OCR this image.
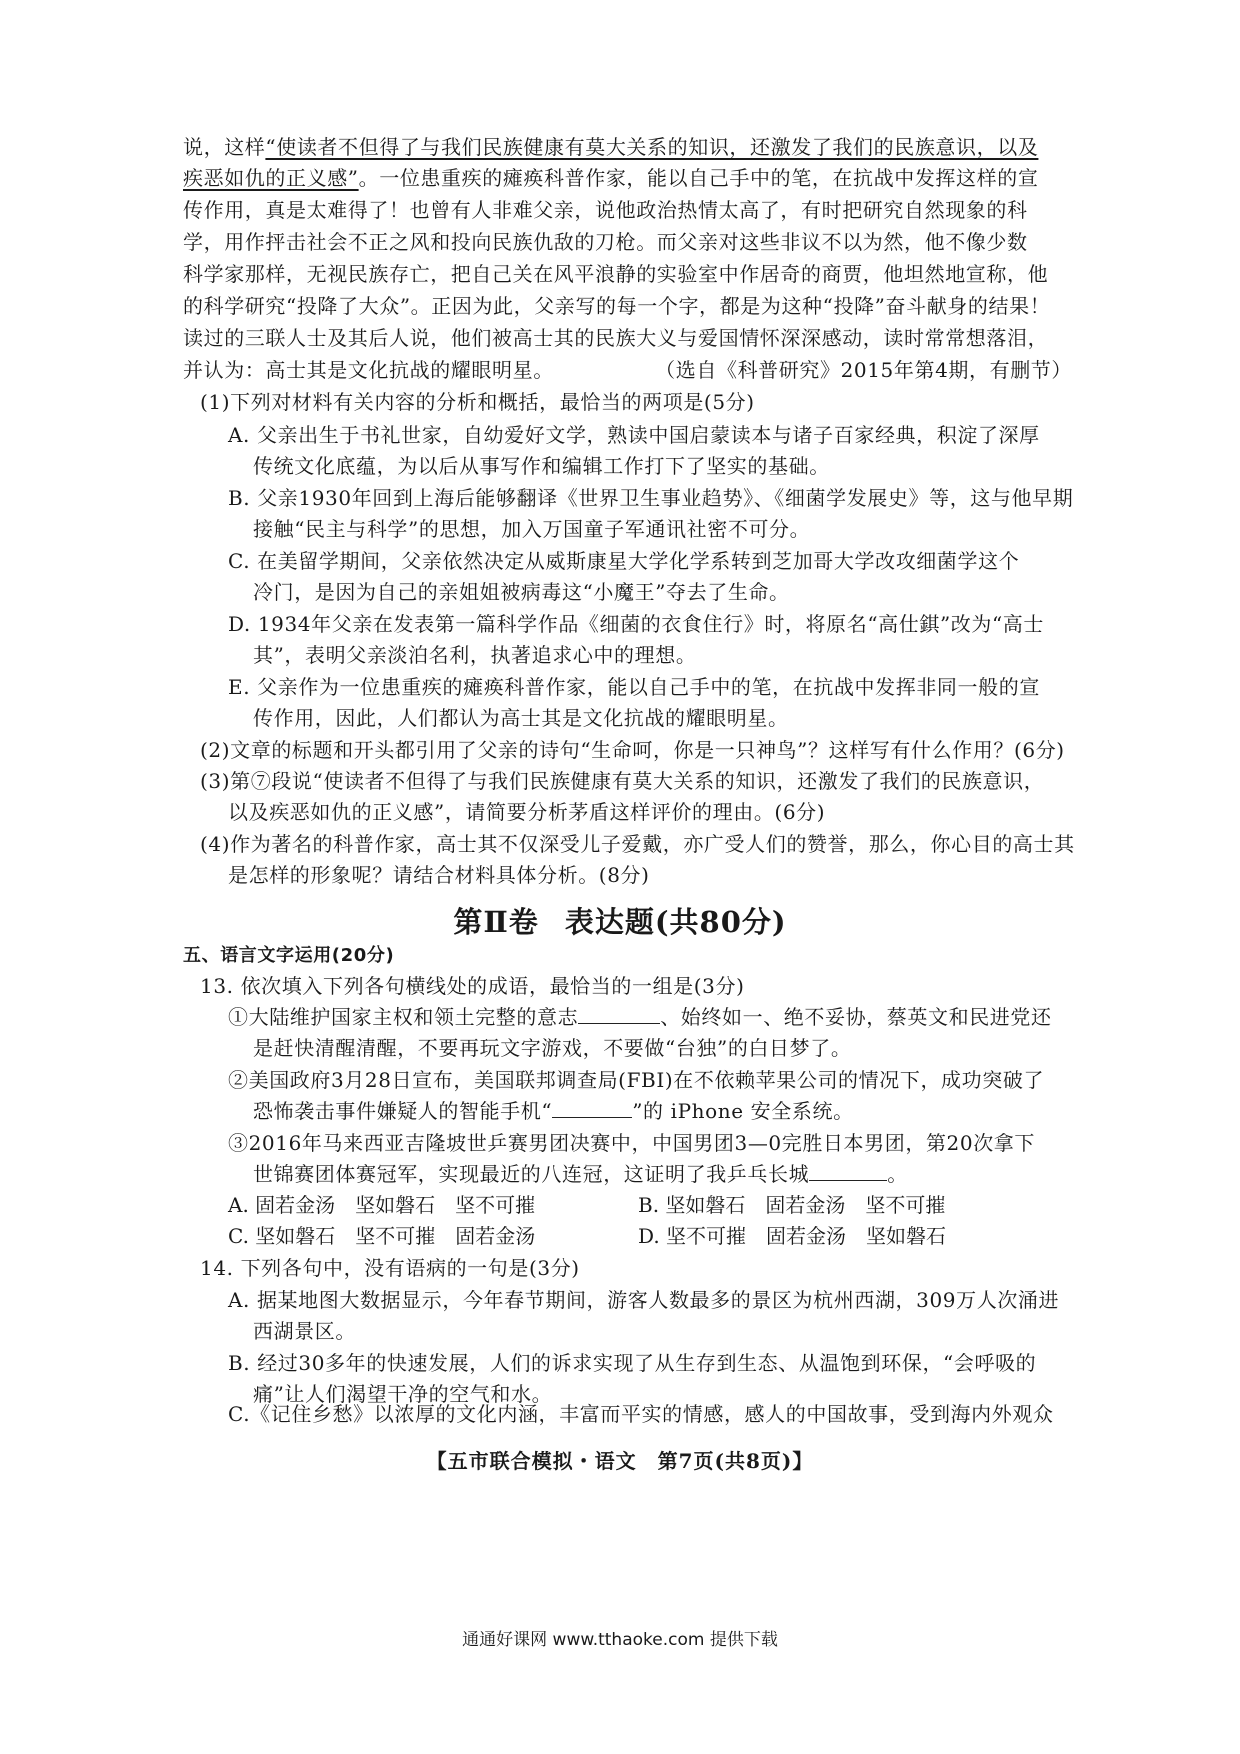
说，这样“使读者不但得了与我们民族健康有莫大关系的知识，还激发了我们的民族意识，以及
疾恶如仇的正义感”。一位患重疾的瘫痪科普作家，能以自己手中的笔，在抗战中发挥这样的宣
传作用，真是太难得了！也曾有人非难父亲，说他政治热情太高了，有时把研究自然现象的科
学，用作抨击社会不正之风和投向民族仇敌的刀枪。而父亲对这些非议不以为然，他不像少数
科学家那样，无视民族存亡，把自己关在风平浪静的实验室中作居奇的商贾，他坦然地宣称，他
的科学研究“投降了大众”。正因为此，父亲写的每一个字，都是为这种“投降”奋斗献身的结果！
读过的三联人士及其后人说，他们被高士其的民族大义与爱国情怀深深感动，读时常常想落泪，
并认为：高士其是文化抗战的耀眼明星。	（选自《科普研究》2015年第4期，有删节）
(1)下列对材料有关内容的分析和概括，最恰当的两项是(5分)
A. 父亲出生于书礼世家，自幼爱好文学，熟读中国启蒙读本与诸子百家经典，积淀了深厚
传统文化底蕴，为以后从事写作和编辑工作打下了坚实的基础。
B. 父亲1930年回到上海后能够翻译《世界卫生事业趋势》、《细菌学发展史》等，这与他早期
接触“民主与科学”的思想，加入万国童子军通讯社密不可分。
C. 在美留学期间，父亲依然决定从威斯康星大学化学系转到芝加哥大学改攻细菌学这个
冷门，是因为自己的亲姐姐被病毒这“小魔王”夺去了生命。
D. 1934年父亲在发表第一篇科学作品《细菌的衣食住行》时，将原名“高仕錤”改为“高士
其”，表明父亲淡泊名利，执著追求心中的理想。
E. 父亲作为一位患重疾的瘫痪科普作家，能以自己手中的笔，在抗战中发挥非同一般的宣
传作用，因此，人们都认为高士其是文化抗战的耀眼明星。
(2)文章的标题和开头都引用了父亲的诗句“生命呵，你是一只神鸟”？这样写有什么作用？(6分)
(3)第⑦段说“使读者不但得了与我们民族健康有莫大关系的知识，还激发了我们的民族意识，
以及疾恶如仇的正义感”，请简要分析茅盾这样评价的理由。(6分)
(4)作为著名的科普作家，高士其不仅深受儿子爱戴，亦广受人们的赞誉，那么，你心目的高士其
是怎样的形象呢？请结合材料具体分析。(8分)
第Ⅱ卷 表达题(共80分)
五、语言文字运用(20分)
13. 依次填入下列各句横线处的成语，最恰当的一组是(3分)
①大陆维护国家主权和领土完整的意志	、始终如一、绝不妥协，蔡英文和民进党还
是赶快清醒清醒，不要再玩文字游戏，不要做“台独”的白日梦了。
②美国政府3月28日宣布，美国联邦调查局(FBI)在不依赖苹果公司的情况下，成功突破了
恐怖袭击事件嫌疑人的智能手机“	”的 iPhone 安全系统。
③2016年马来西亚吉隆坡世乒赛男团决赛中，中国男团3—0完胜日本男团，第20次拿下
世锦赛团体赛冠军，实现最近的八连冠，这证明了我乒乓长城	。
A. 固若金汤　坚如磐石　坚不可摧	B. 坚如磐石　固若金汤　坚不可摧
C. 坚如磐石　坚不可摧　固若金汤	D. 坚不可摧　固若金汤　坚如磐石
14. 下列各句中，没有语病的一句是(3分)
A. 据某地图大数据显示，今年春节期间，游客人数最多的景区为杭州西湖，309万人次涌进
西湖景区。
B. 经过30多年的快速发展，人们的诉求实现了从生存到生态、从温饱到环保，“会呼吸的
痛”让人们渴望干净的空气和水。
C.《记住乡愁》以浓厚的文化内涵，丰富而平实的情感，感人的中国故事，受到海内外观众
【五市联合模拟・语文　第7页(共8页)】
通通好课网 www.tthaoke.com 提供下载
